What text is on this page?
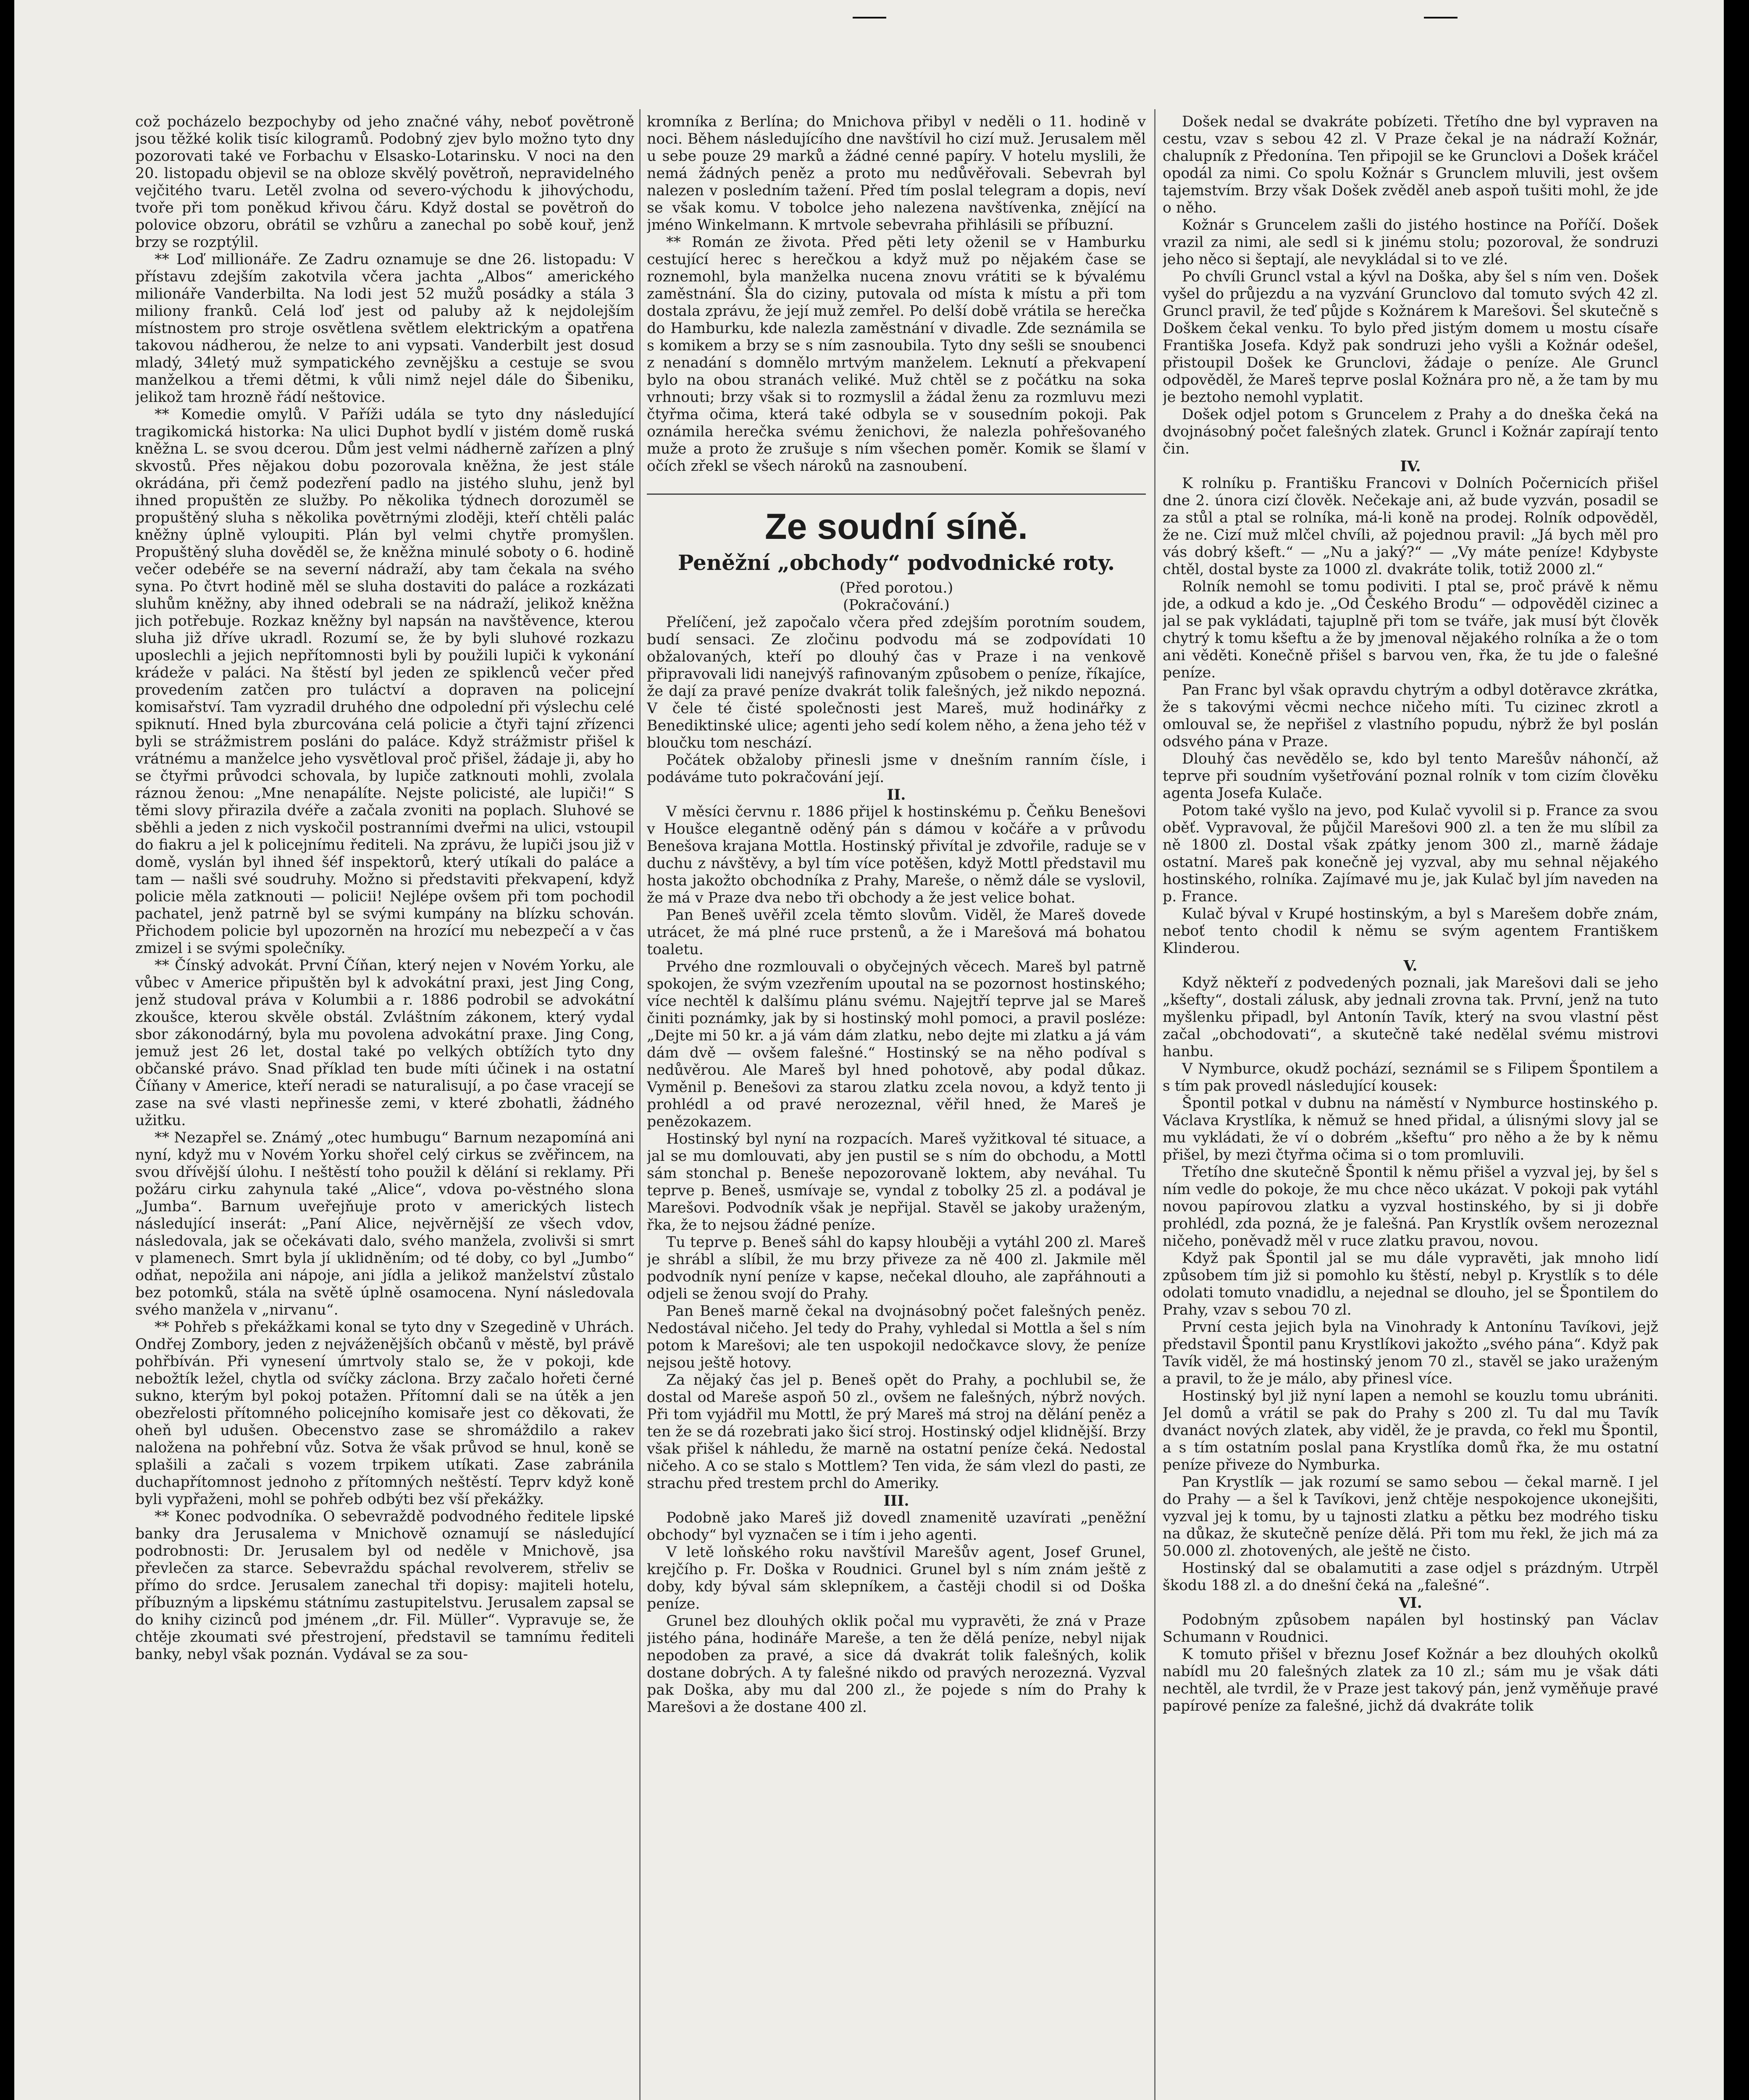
což pocházelo bezpochyby od jeho značné váhy, neboť povětroně jsou těžké kolik tisíc kilogramů. Podobný zjev bylo možno tyto dny pozorovati také ve Forbachu v Elsasko-Lotarinsku. V noci na den 20. listopadu objevil se na obloze skvělý povětroň, nepravidelného vejčitého tvaru. Letěl zvolna od severo-východu k jihovýchodu, tvoře při tom poněkud křivou čáru. Když dostal se povětroň do polovice obzoru, obrátil se vzhůru a zanechal po sobě kouř, jenž brzy se rozptýlil.

** Loď millionáře. Ze Zadru oznamuje se dne 26. listopadu: V přístavu zdejším zakotvila včera jachta „Albos“ amerického milionáře Vanderbilta. Na lodi jest 52 mužů posádky a stála 3 miliony franků. Celá loď jest od paluby až k nejdolejším místnostem pro stroje osvětlena světlem elektrickým a opatřena takovou nádherou, že nelze to ani vypsati. Vanderbilt jest dosud mladý, 34letý muž sympatického zevnějšku a cestuje se svou manželkou a třemi dětmi, k vůli nimž nejel dále do Šibeniku, jelikož tam hrozně řádí neštovice.

** Komedie omylů. V Paříži udála se tyto dny následující tragikomická historka: Na ulici Duphot bydlí v jistém domě ruská kněžna L. se svou dcerou. Dům jest velmi nádherně zařízen a plný skvostů. Přes nějakou dobu pozorovala kněžna, že jest stále okrádána, při čemž podezření padlo na jistého sluhu, jenž byl ihned propuštěn ze služby. Po několika týdnech dorozuměl se propuštěný sluha s několika povětrnými zloději, kteří chtěli palác kněžny úplně vyloupiti. Plán byl velmi chytře promyšlen. Propuštěný sluha dověděl se, že kněžna minulé soboty o 6. hodině večer odebéře se na severní nádraží, aby tam čekala na svého syna. Po čtvrt hodině měl se sluha dostaviti do paláce a rozkázati sluhům kněžny, aby ihned odebrali se na nádraží, jelikož kněžna jich potřebuje. Rozkaz kněžny byl napsán na navštěvence, kterou sluha již dříve ukradl. Rozumí se, že by byli sluhové rozkazu uposlechli a jejich nepřítomnosti byli by použili lupiči k vykonání krádeže v paláci. Na štěstí byl jeden ze spiklenců večer před provedením zatčen pro tuláctví a dopraven na policejní komisařství. Tam vyzradil druhého dne odpolední při výslechu celé spiknutí. Hned byla zburcována celá policie a čtyři tajní zřízenci byli se strážmistrem posláni do paláce. Když strážmistr přišel k vrátnému a manželce jeho vysvětloval proč přišel, žádaje ji, aby ho se čtyřmi průvodci schovala, by lupiče zatknouti mohli, zvolala ráznou ženou: „Mne nenapálíte. Nejste policisté, ale lupiči!“ S těmi slovy přirazila dvéře a začala zvoniti na poplach. Sluhové se sběhli a jeden z nich vyskočil postranními dveřmi na ulici, vstoupil do fiakru a jel k policejnímu řediteli. Na zprávu, že lupiči jsou již v domě, vyslán byl ihned šéf inspektorů, který utíkali do paláce a tam — našli své soudruhy. Možno si představiti překvapení, když policie měla zatknouti — policii! Nejlépe ovšem při tom pochodil pachatel, jenž patrně byl se svými kumpány na blízku schován. Přichodem policie byl upozorněn na hrozící mu nebezpečí a v čas zmizel i se svými společníky.

** Čínský advokát. První Číňan, který nejen v Novém Yorku, ale vůbec v Americe připuštěn byl k advokátní praxi, jest Jing Cong, jenž studoval práva v Kolumbii a r. 1886 podrobil se advokátní zkoušce, kterou skvěle obstál. Zvláštním zákonem, který vydal sbor zákonodárný, byla mu povolena advokátní praxe. Jing Cong, jemuž jest 26 let, dostal také po velkých obtížích tyto dny občanské právo. Snad příklad ten bude míti účinek i na ostatní Číňany v Americe, kteří neradi se naturalisují, a po čase vracejí se zase na své vlasti nepřinesše zemi, v které zbohatli, žádného užitku.

** Nezapřel se. Známý „otec humbugu“ Barnum nezapomíná ani nyní, když mu v Novém Yorku shořel celý cirkus se zvěřincem, na svou dřívější úlohu. I neštěstí toho použil k dělání si reklamy. Při požáru cirku zahynula také „Alice“, vdova po-věstného slona „Jumba“. Barnum uveřejňuje proto v amerických listech následující inserát: „Paní Alice, nejvěrnější ze všech vdov, následovala, jak se očekávati dalo, svého manžela, zvolivši si smrt v plamenech. Smrt byla jí uklidněním; od té doby, co byl „Jumbo“ odňat, nepožila ani nápoje, ani jídla a jelikož manželství zůstalo bez potomků, stála na světě úplně osamocena. Nyní následovala svého manžela v „nirvanu“.

** Pohřeb s překážkami konal se tyto dny v Szegedině v Uhrách. Ondřej Zombory, jeden z nejváženějších občanů v městě, byl právě pohřbíván. Při vynesení úmrtvoly stalo se, že v pokoji, kde nebožtík ležel, chytla od svíčky záclona. Brzy začalo hořeti černé sukno, kterým byl pokoj potažen. Přítomní dali se na útěk a jen obezřelosti přítomného policejního komisaře jest co děkovati, že oheň byl udušen. Obecenstvo zase se shromáždilo a rakev naložena na pohřební vůz. Sotva že však průvod se hnul, koně se splašili a začali s vozem trpikem utíkati. Zase zabránila duchapřítomnost jednoho z přítomných neštěstí. Teprv když koně byli vypřaženi, mohl se pohřeb odbýti bez vší překážky.

** Konec podvodníka. O sebevraždě podvodného ředitele lipské banky dra Jerusalema v Mnichově oznamují se následující podrobnosti: Dr. Jerusalem byl od neděle v Mnichově, jsa převlečen za starce. Sebevraždu spáchal revolverem, střeliv se přímo do srdce. Jerusalem zanechal tři dopisy: majiteli hotelu, příbuzným a lipskému státnímu zastupitelstvu. Jerusalem zapsal se do knihy cizinců pod jménem „dr. Fil. Müller“. Vypravuje se, že chtěje zkoumati své přestrojení, představil se tamnímu řediteli banky, nebyl však poznán. Vydával se za sou-

kromníka z Berlína; do Mnichova přibyl v neděli o 11. hodině v noci. Během následujícího dne navštívil ho cizí muž. Jerusalem měl u sebe pouze 29 marků a žádné cenné papíry. V hotelu myslili, že nemá žádných peněz a proto mu nedůvěřovali. Sebevrah byl nalezen v posledním tažení. Před tím poslal telegram a dopis, neví se však komu. V tobolce jeho nalezena navštívenka, znějící na jméno Winkelmann. K mrtvole sebevraha přihlásili se příbuzní.

** Román ze života. Před pěti lety oženil se v Hamburku cestující herec s herečkou a když muž po nějakém čase se roznemohl, byla manželka nucena znovu vrátiti se k bývalému zaměstnání. Šla do ciziny, putovala od místa k místu a při tom dostala zprávu, že její muž zemřel. Po delší době vrátila se herečka do Hamburku, kde nalezla zaměstnání v divadle. Zde seznámila se s komikem a brzy se s ním zasnoubila. Tyto dny sešli se snoubenci z nenadání s domnělo mrtvým manželem. Leknutí a překvapení bylo na obou stranách veliké. Muž chtěl se z počátku na soka vrhnouti; brzy však si to rozmyslil a žádal ženu za rozmluvu mezi čtyřma očima, která také odbyla se v sousedním pokoji. Pak oznámila herečka svému ženichovi, že nalezla pohřešovaného muže a proto že zrušuje s ním všechen poměr. Komik se šlamí v očích zřekl se všech nároků na zasnoubení.

Ze soudní síně.
Peněžní „obchody“ podvodnické roty.

(Před porotou.)

(Pokračování.)

Přelíčení, jež započalo včera před zdejším porotním soudem, budí sensaci. Ze zločinu podvodu má se zodpovídati 10 obžalovaných, kteří po dlouhý čas v Praze i na venkově připravovali lidi nanejvýš rafinovaným způsobem o peníze, říkajíce, že dají za pravé peníze dvakrát tolik falešných, jež nikdo nepozná. V čele té čisté společnosti jest Mareš, muž hodinářky z Benediktinské ulice; agenti jeho sedí kolem něho, a žena jeho též v bloučku tom neschází.

Počátek obžaloby přinesli jsme v dnešním ranním čísle, i podáváme tuto pokračování její.

II.

V měsíci červnu r. 1886 přijel k hostinskému p. Čeňku Benešovi v Houšce elegantně oděný pán s dámou v kočáře a v průvodu Benešova krajana Mottla. Hostinský přivítal je zdvořile, raduje se v duchu z návštěvy, a byl tím více potěšen, když Mottl představil mu hosta jakožto obchodníka z Prahy, Mareše, o němž dále se vyslovil, že má v Praze dva nebo tři obchody a že jest velice bohat.

Pan Beneš uvěřil zcela těmto slovům. Viděl, že Mareš dovede utrácet, že má plné ruce prstenů, a že i Marešová má bohatou toaletu.

Prvého dne rozmlouvali o obyčejných věcech. Mareš byl patrně spokojen, že svým vzezřením upoutal na se pozornost hostinského; více nechtěl k dalšímu plánu svému. Najejtří teprve jal se Mareš činiti poznámky, jak by si hostinský mohl pomoci, a pravil posléze: „Dejte mi 50 kr. a já vám dám zlatku, nebo dejte mi zlatku a já vám dám dvě — ovšem falešné.“ Hostinský se na něho podíval s nedůvěrou. Ale Mareš byl hned pohotově, aby podal důkaz. Vyměnil p. Benešovi za starou zlatku zcela novou, a když tento ji prohlédl a od pravé nerozeznal, věřil hned, že Mareš je penězokazem.

Hostinský byl nyní na rozpacích. Mareš vyžitkoval té situace, a jal se mu domlouvati, aby jen pustil se s ním do obchodu, a Mottl sám stonchal p. Beneše nepozorovaně loktem, aby neváhal. Tu teprve p. Beneš, usmívaje se, vyndal z tobolky 25 zl. a podával je Marešovi. Podvodník však je nepřijal. Stavěl se jakoby uraženým, řka, že to nejsou žádné peníze.

Tu teprve p. Beneš sáhl do kapsy hlouběji a vytáhl 200 zl. Mareš je shrábl a slíbil, že mu brzy přiveze za ně 400 zl. Jakmile měl podvodník nyní peníze v kapse, nečekal dlouho, ale zapřáhnouti a odjeli se ženou svojí do Prahy.

Pan Beneš marně čekal na dvojnásobný počet falešných peněz. Nedostával ničeho. Jel tedy do Prahy, vyhledal si Mottla a šel s ním potom k Marešovi; ale ten uspokojil nedočkavce slovy, že peníze nejsou ještě hotovy.

Za nějaký čas jel p. Beneš opět do Prahy, a pochlubil se, že dostal od Mareše aspoň 50 zl., ovšem ne falešných, nýbrž nových. Při tom vyjádřil mu Mottl, že prý Mareš má stroj na dělání peněz a ten že se dá rozebrati jako šicí stroj. Hostinský odjel klidnější. Brzy však přišel k náhledu, že marně na ostatní peníze čeká. Nedostal ničeho. A co se stalo s Mottlem? Ten vida, že sám vlezl do pasti, ze strachu před trestem prchl do Ameriky.

III.

Podobně jako Mareš již dovedl znamenitě uzavírati „peněžní obchody“ byl vyznačen se i tím i jeho agenti.

V letě loňského roku navštívil Marešův agent, Josef Grunel, krejčího p. Fr. Doška v Roudnici. Grunel byl s ním znám ještě z doby, kdy býval sám sklepníkem, a častěji chodil si od Doška peníze.

Grunel bez dlouhých oklik počal mu vypravěti, že zná v Praze jistého pána, hodináře Mareše, a ten že dělá peníze, nebyl nijak nepodoben za pravé, a sice dá dvakrát tolik falešných, kolik dostane dobrých. A ty falešné nikdo od pravých nerozezná. Vyzval pak Doška, aby mu dal 200 zl., že pojede s ním do Prahy k Marešovi a že dostane 400 zl.

Došek nedal se dvakráte pobízeti. Třetího dne byl vypraven na cestu, vzav s sebou 42 zl. V Praze čekal je na nádraží Kožnár, chalupník z Předonína. Ten připojil se ke Grunclovi a Došek kráčel opodál za nimi. Co spolu Kožnár s Grunclem mluvili, jest ovšem tajemstvím. Brzy však Došek zvěděl aneb aspoň tušiti mohl, že jde o něho.

Kožnár s Gruncelem zašli do jistého hostince na Poříčí. Došek vrazil za nimi, ale sedl si k jinému stolu; pozoroval, že sondruzi jeho něco si šeptají, ale nevykládal si to ve zlé.

Po chvíli Gruncl vstal a kývl na Doška, aby šel s ním ven. Došek vyšel do průjezdu a na vyzvání Grunclovo dal tomuto svých 42 zl. Gruncl pravil, že teď půjde s Kožnárem k Marešovi. Šel skutečně s Doškem čekal venku. To bylo před jistým domem u mostu císaře Františka Josefa. Když pak sondruzi jeho vyšli a Kožnár odešel, přistoupil Došek ke Grunclovi, žádaje o peníze. Ale Gruncl odpověděl, že Mareš teprve poslal Kožnára pro ně, a že tam by mu je beztoho nemohl vyplatit.

Došek odjel potom s Gruncelem z Prahy a do dneška čeká na dvojnásobný počet falešných zlatek. Gruncl i Kožnár zapírají tento čin.

IV.

K rolníku p. Františku Francovi v Dolních Počernicích přišel dne 2. února cizí člověk. Nečekaje ani, až bude vyzván, posadil se za stůl a ptal se rolníka, má-li koně na prodej. Rolník odpověděl, že ne. Cizí muž mlčel chvíli, až pojednou pravil: „Já bych měl pro vás dobrý kšeft.“ — „Nu a jaký?“ — „Vy máte peníze! Kdybyste chtěl, dostal byste za 1000 zl. dvakráte tolik, totiž 2000 zl.“

Rolník nemohl se tomu podiviti. I ptal se, proč právě k němu jde, a odkud a kdo je. „Od Českého Brodu“ — odpověděl cizinec a jal se pak vykládati, tajuplně při tom se tváře, jak musí být člověk chytrý k tomu kšeftu a že by jmenoval nějakého rolníka a že o tom ani věděti. Konečně přišel s barvou ven, řka, že tu jde o falešné peníze.

Pan Franc byl však opravdu chytrým a odbyl dotěravce zkrátka, že s takovými věcmi nechce ničeho míti. Tu cizinec zkrotl a omlouval se, že nepřišel z vlastního popudu, nýbrž že byl poslán odsvého pána v Praze.

Dlouhý čas nevědělo se, kdo byl tento Marešův náhončí, až teprve při soudním vyšetřování poznal rolník v tom cizím člověku agenta Josefa Kulače.

Potom také vyšlo na jevo, pod Kulač vyvolil si p. France za svou oběť. Vypravoval, že půjčil Marešovi 900 zl. a ten že mu slíbil za ně 1800 zl. Dostal však zpátky jenom 300 zl., marně žádaje ostatní. Mareš pak konečně jej vyzval, aby mu sehnal nějakého hostinského, rolníka. Zajímavé mu je, jak Kulač byl jím naveden na p. France.

Kulač býval v Krupé hostinským, a byl s Marešem dobře znám, neboť tento chodil k němu se svým agentem Františkem Klinderou.

V.

Když někteří z podvedených poznali, jak Marešovi dali se jeho „kšefty“, dostali zálusk, aby jednali zrovna tak. První, jenž na tuto myšlenku připadl, byl Antonín Tavík, který na svou vlastní pěst začal „obchodovati“, a skutečně také nedělal svému mistrovi hanbu.

V Nymburce, okudž pochází, seznámil se s Filipem Špontilem a s tím pak provedl následující kousek:

Špontil potkal v dubnu na náměstí v Nymburce hostinského p. Václava Krystlíka, k němuž se hned přidal, a úlisnými slovy jal se mu vykládati, že ví o dobrém „kšeftu“ pro něho a že by k němu přišel, by mezi čtyřma očima si o tom promluvili.

Třetího dne skutečně Špontil k němu přišel a vyzval jej, by šel s ním vedle do pokoje, že mu chce něco ukázat. V pokoji pak vytáhl novou papírovou zlatku a vyzval hostinského, by si ji dobře prohlédl, zda pozná, že je falešná. Pan Krystlík ovšem nerozeznal ničeho, poněvadž měl v ruce zlatku pravou, novou.

Když pak Špontil jal se mu dále vypravěti, jak mnoho lidí způsobem tím již si pomohlo ku štěstí, nebyl p. Krystlík s to déle odolati tomuto vnadidlu, a nejednal se dlouho, jel se Špontilem do Prahy, vzav s sebou 70 zl.

První cesta jejich byla na Vinohrady k Antonínu Tavíkovi, jejž představil Špontil panu Krystlíkovi jakožto „svého pána“. Když pak Tavík viděl, že má hostinský jenom 70 zl., stavěl se jako uraženým a pravil, to že je málo, aby přinesl více.

Hostinský byl již nyní lapen a nemohl se kouzlu tomu ubrániti. Jel domů a vrátil se pak do Prahy s 200 zl. Tu dal mu Tavík dvanáct nových zlatek, aby viděl, že je pravda, co řekl mu Špontil, a s tím ostatním poslal pana Krystlíka domů řka, že mu ostatní peníze přiveze do Nymburka.

Pan Krystlík — jak rozumí se samo sebou — čekal marně. I jel do Prahy — a šel k Tavíkovi, jenž chtěje nespokojence ukonejšiti, vyzval jej k tomu, by u tajnosti zlatku a pětku bez modrého tisku na důkaz, že skutečně peníze dělá. Při tom mu řekl, že jich má za 50.000 zl. zhotovených, ale ještě ne čisto.

Hostinský dal se obalamutiti a zase odjel s prázdným. Utrpěl škodu 188 zl. a do dnešní čeká na „falešné“.

VI.

Podobným způsobem napálen byl hostinský pan Václav Schumann v Roudnici.

K tomuto přišel v březnu Josef Kožnár a bez dlouhých okolků nabídl mu 20 falešných zlatek za 10 zl.; sám mu je však dáti nechtěl, ale tvrdil, že v Praze jest takový pán, jenž vyměňuje pravé papírové peníze za falešné, jichž dá dvakráte tolik
